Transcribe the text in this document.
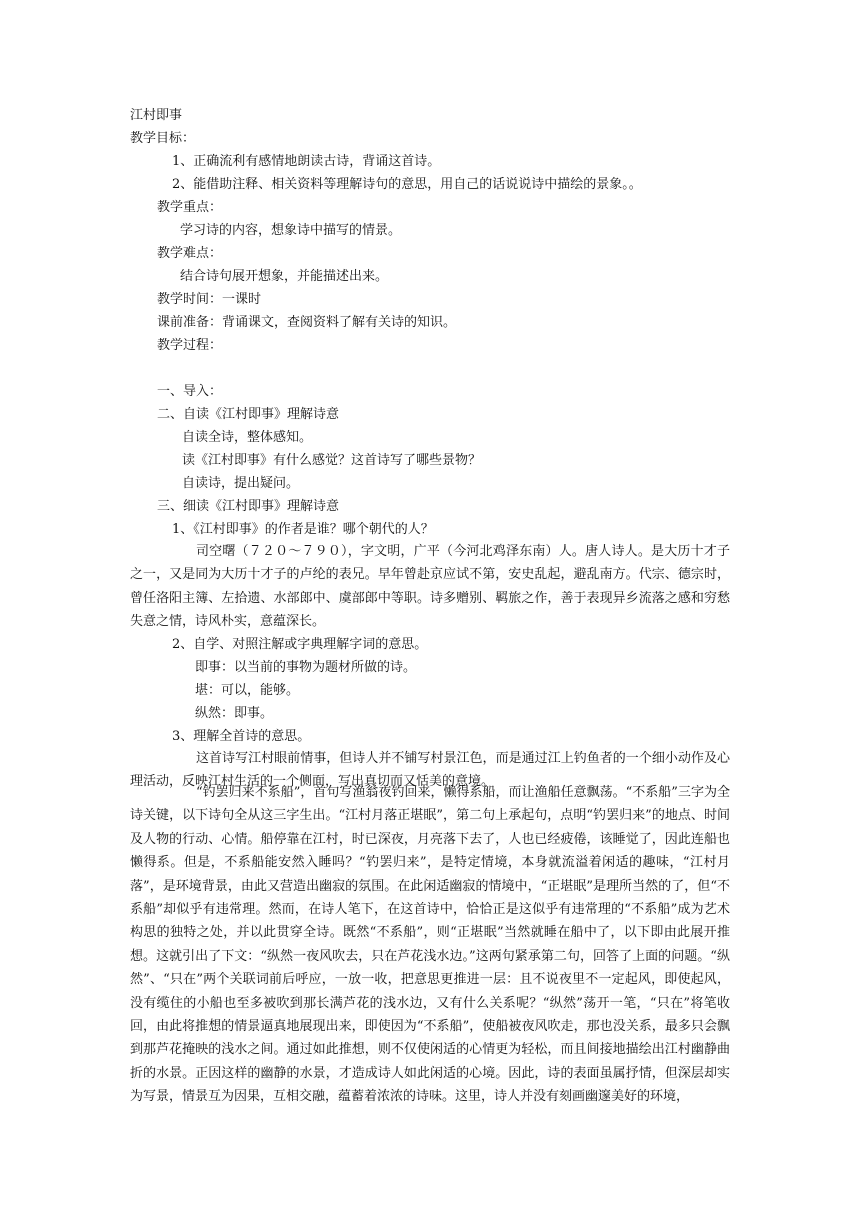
江村即事
教学目标：
1、正确流利有感情地朗读古诗，背诵这首诗。
2、能借助注释、相关资料等理解诗句的意思，用自己的话说说诗中描绘的景象。。
教学重点：
学习诗的内容，想象诗中描写的情景。
教学难点：
结合诗句展开想象，并能描述出来。
教学时间：一课时
课前准备：背诵课文，查阅资料了解有关诗的知识。
教学过程：
一、导入：
二、自读《江村即事》理解诗意
自读全诗，整体感知。
读《江村即事》有什么感觉？这首诗写了哪些景物？
自读诗，提出疑问。
三、细读《江村即事》理解诗意
1、《江村即事》的作者是谁？哪个朝代的人？
司空曙（７２０～７９０），字文明，广平（今河北鸡泽东南）人。唐人诗人。是大历十才子之一，又是同为大历十才子的卢纶的表兄。早年曾赴京应试不第，安史乱起，避乱南方。代宗、德宗时，曾任洛阳主簿、左拾遗、水部郎中、虞部郎中等职。诗多赠别、羁旅之作，善于表现异乡流落之感和穷愁失意之情，诗风朴实，意蕴深长。
2、自学、对照注解或字典理解字词的意思。
即事：以当前的事物为题材所做的诗。
堪：可以，能够。
纵然：即事。
3、理解全首诗的意思。
这首诗写江村眼前情事，但诗人并不铺写村景江色，而是通过江上钓鱼者的一个细小动作及心理活动，反映江村生活的一个侧面，写出真切而又恬美的意境。
“钓罢归来不系船”，首句写渔翁夜钓回来，懒得系船，而让渔船任意飘荡。“不系船”三字为全诗关键，以下诗句全从这三字生出。“江村月落正堪眠”，第二句上承起句，点明“钓罢归来”的地点、时间及人物的行动、心情。船停靠在江村，时已深夜，月亮落下去了，人也已经疲倦，该睡觉了，因此连船也懒得系。但是，不系船能安然入睡吗？“钓罢归来”，是特定情境，本身就流溢着闲适的趣味，“江村月落”，是环境背景，由此又营造出幽寂的氛围。在此闲适幽寂的情境中，“正堪眠”是理所当然的了，但“不系船”却似乎有违常理。然而，在诗人笔下，在这首诗中，恰恰正是这似乎有违常理的“不系船”成为艺术构思的独特之处，并以此贯穿全诗。既然“不系船”，则“正堪眠”当然就睡在船中了，以下即由此展开推想。这就引出了下文：“纵然一夜风吹去，只在芦花浅水边。”这两句紧承第二句，回答了上面的问题。“纵然”、“只在”两个关联词前后呼应，一放一收，把意思更推进一层：且不说夜里不一定起风，即使起风，没有缆住的小船也至多被吹到那长满芦花的浅水边，又有什么关系呢？“纵然”荡开一笔，“只在”将笔收回，由此将推想的情景逼真地展现出来，即使因为“不系船”，使船被夜风吹走，那也没关系，最多只会飘到那芦花掩映的浅水之间。通过如此推想，则不仅使闲适的心情更为轻松，而且间接地描绘出江村幽静曲折的水景。正因这样的幽静的水景，才造成诗人如此闲适的心境。因此，诗的表面虽属抒情，但深层却实为写景，情景互为因果，互相交融，蕴蓄着浓浓的诗味。这里，诗人并没有刻画幽邃美好的环境，
